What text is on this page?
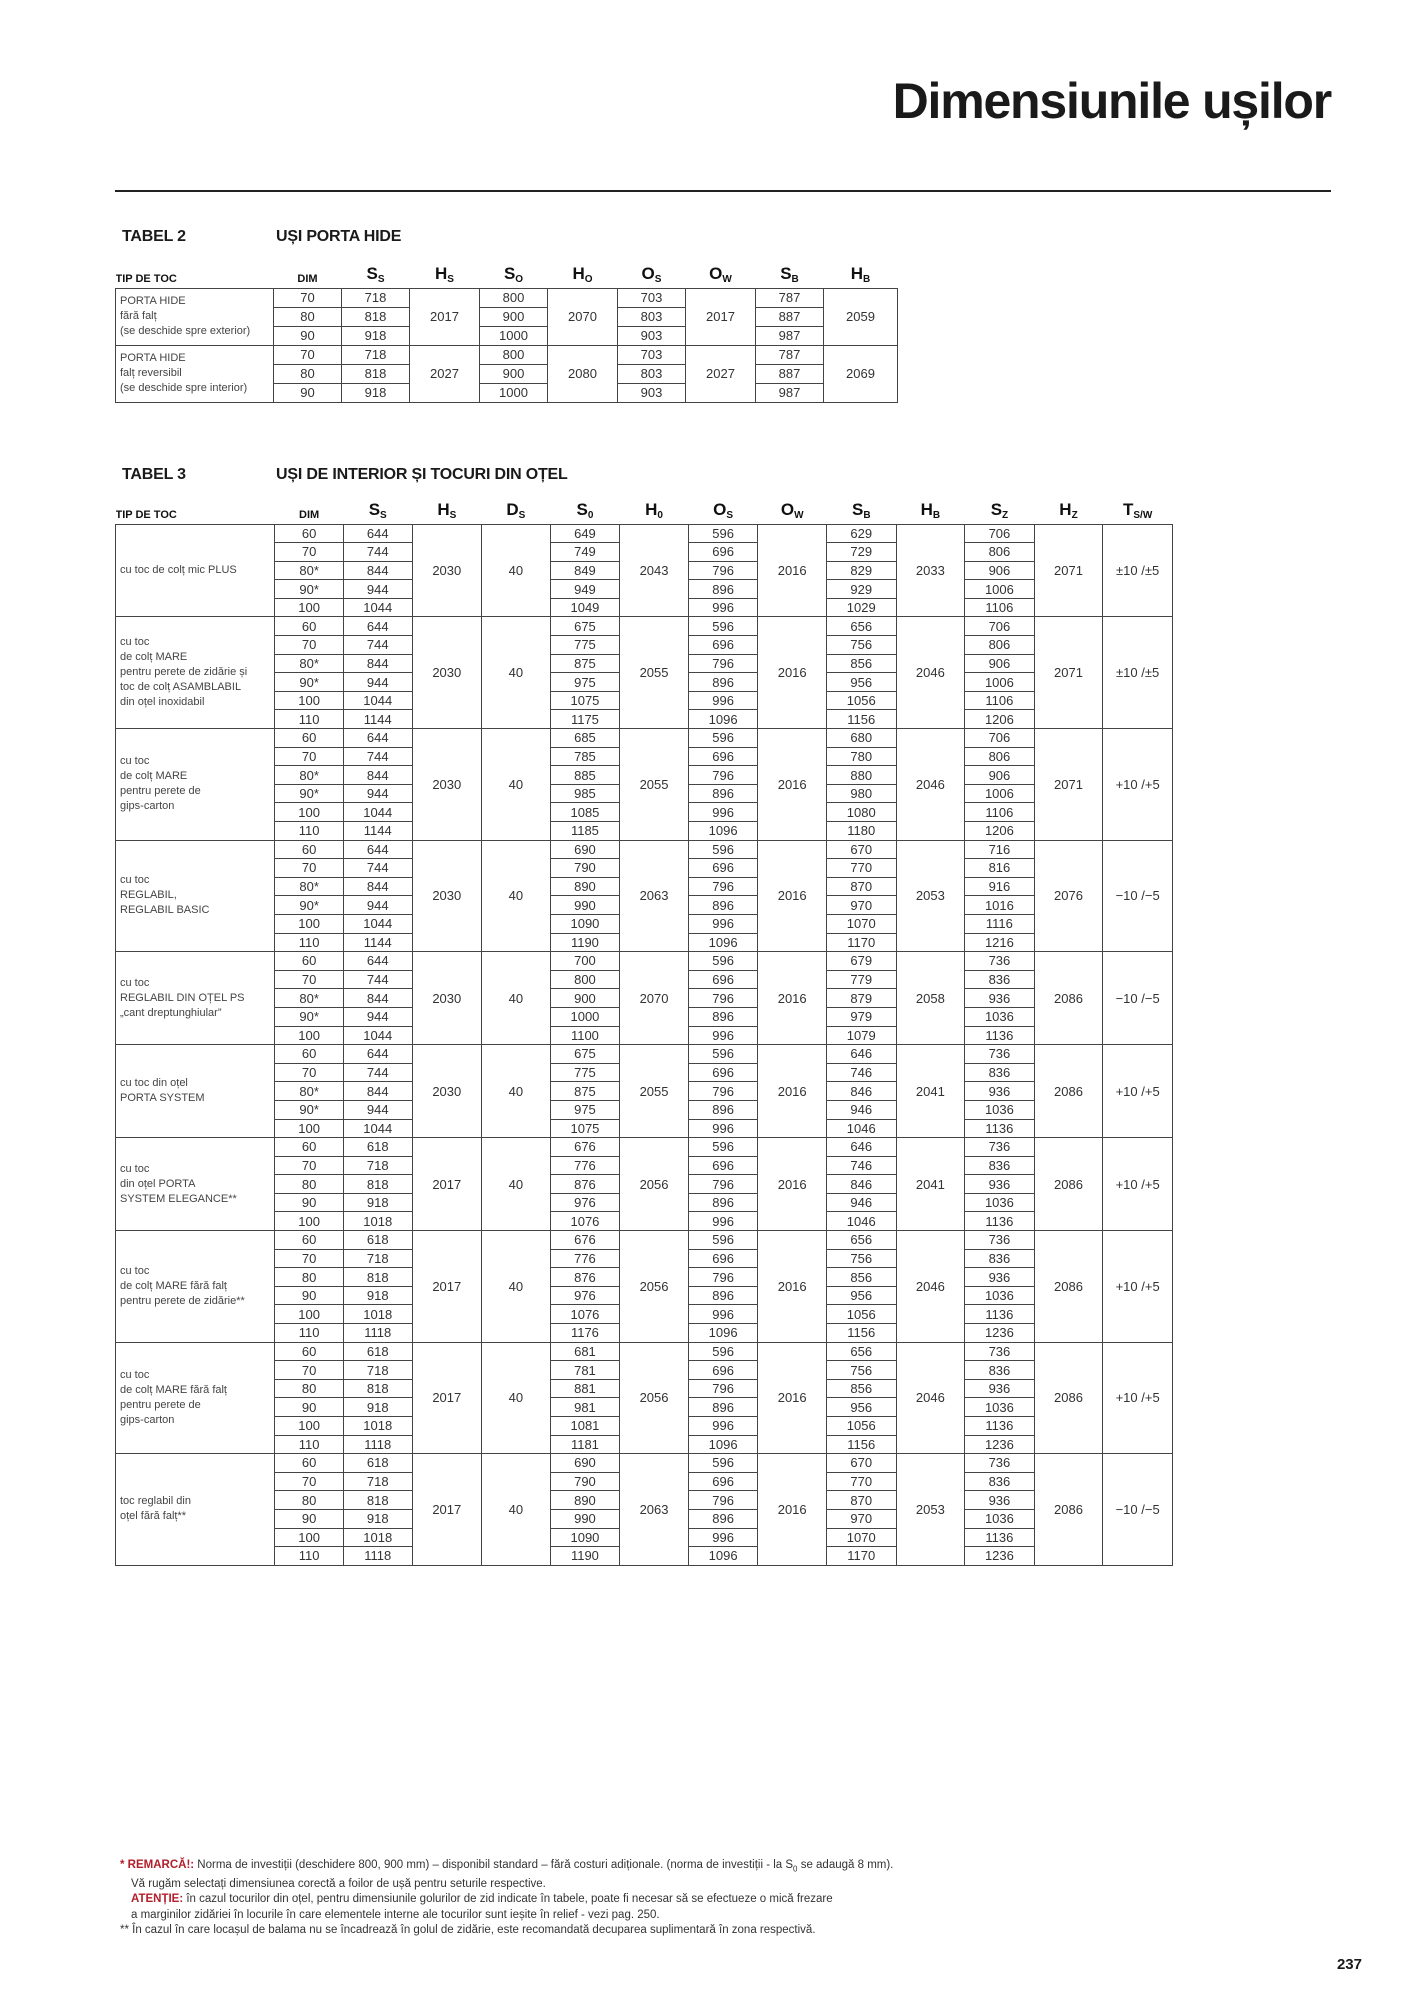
Dimensiunile ușilor
TABEL 2	UȘI PORTA HIDE
TIP DE TOC	DIM	$S_S$	$H_S$	$S_O$	$H_O$	$O_S$	$O_W$	$S_B$	$H_B$
PORTA HIDE
fără falț
(se deschide spre exterior)	70	718	2017	800	2070	703	2017	787	2059
	80	818		900		803		887	
	90	918		1000		903		987	
PORTA HIDE
falț reversibil
(se deschide spre interior)	70	718	2027	800	2080	703	2027	787	2069
	80	818		900		803		887	
	90	918		1000		903		987	
TABEL 3	UȘI DE INTERIOR ȘI TOCURI DIN OȚEL
TIP DE TOC	DIM	$S_S$	$H_S$	$D_S$	$S_0$	$H_0$	$O_S$	$O_W$	$S_B$	$H_B$	$S_Z$	$H_Z$	$T_{S/W}$
cu toc de colț mic PLUS	60	644	2030	40	649	2043	596	2016	629	2033	706	2071	±10 /±5
	70	744			749		696		729		806		
	80*	844			849		796		829		906		
	90*	944			949		896		929		1006		
	100	1044			1049		996		1029		1106		
cu toc
de colț MARE
pentru perete de zidărie și
toc de colț ASAMBLABIL
din oțel inoxidabil	60	644	2030	40	675	2055	596	2016	656	2046	706	2071	±10 /±5
	70	744			775		696		756		806		
	80*	844			875		796		856		906		
	90*	944			975		896		956		1006		
	100	1044			1075		996		1056		1106		
	110	1144			1175		1096		1156		1206		
cu toc
de colț MARE
pentru perete de
gips-carton	60	644	2030	40	685	2055	596	2016	680	2046	706	2071	+10 /+5
	70	744			785		696		780		806		
	80*	844			885		796		880		906		
	90*	944			985		896		980		1006		
	100	1044			1085		996		1080		1106		
	110	1144			1185		1096		1180		1206		
cu toc
REGLABIL,
REGLABIL BASIC	60	644	2030	40	690	2063	596	2016	670	2053	716	2076	−10 /−5
	70	744			790		696		770		816		
	80*	844			890		796		870		916		
	90*	944			990		896		970		1016		
	100	1044			1090		996		1070		1116		
	110	1144			1190		1096		1170		1216		
cu toc
REGLABIL DIN OȚEL PS
„cant dreptunghiular”	60	644	2030	40	700	2070	596	2016	679	2058	736	2086	−10 /−5
	70	744			800		696		779		836		
	80*	844			900		796		879		936		
	90*	944			1000		896		979		1036		
	100	1044			1100		996		1079		1136		
cu toc din oțel
PORTA SYSTEM	60	644	2030	40	675	2055	596	2016	646	2041	736	2086	+10 /+5
	70	744			775		696		746		836		
	80*	844			875		796		846		936		
	90*	944			975		896		946		1036		
	100	1044			1075		996		1046		1136		
cu toc
din oțel PORTA
SYSTEM ELEGANCE**	60	618	2017	40	676	2056	596	2016	646	2041	736	2086	+10 /+5
	70	718			776		696		746		836		
	80	818			876		796		846		936		
	90	918			976		896		946		1036		
	100	1018			1076		996		1046		1136		
cu toc
de colț MARE fără falț
pentru perete de zidărie**	60	618	2017	40	676	2056	596	2016	656	2046	736	2086	+10 /+5
	70	718			776		696		756		836		
	80	818			876		796		856		936		
	90	918			976		896		956		1036		
	100	1018			1076		996		1056		1136		
	110	1118			1176		1096		1156		1236		
cu toc
de colț MARE fără falț
pentru perete de
gips-carton	60	618	2017	40	681	2056	596	2016	656	2046	736	2086	+10 /+5
	70	718			781		696		756		836		
	80	818			881		796		856		936		
	90	918			981		896		956		1036		
	100	1018			1081		996		1056		1136		
	110	1118			1181		1096		1156		1236		
toc reglabil din
oțel fără falț**	60	618	2017	40	690	2063	596	2016	670	2053	736	2086	−10 /−5
	70	718			790		696		770		836		
	80	818			890		796		870		936		
	90	918			990		896		970		1036		
	100	1018			1090		996		1070		1136		
	110	1118			1190		1096		1170		1236		
* REMARCĂ!: Norma de investiții (deschidere 800, 900 mm) – disponibil standard – fără costuri adiționale. (norma de investiții - la $S_0$ se adaugă 8 mm).
Vă rugăm selectați dimensiunea corectă a foilor de ușă pentru seturile respective.
ATENȚIE: în cazul tocurilor din oțel, pentru dimensiunile golurilor de zid indicate în tabele, poate fi necesar să se efectueze o mică frezare
a marginilor zidăriei în locurile în care elementele interne ale tocurilor sunt ieșite în relief - vezi pag. 250.
** În cazul în care locașul de balama nu se încadrează în golul de zidărie, este recomandată decuparea suplimentară în zona respectivă.
237
